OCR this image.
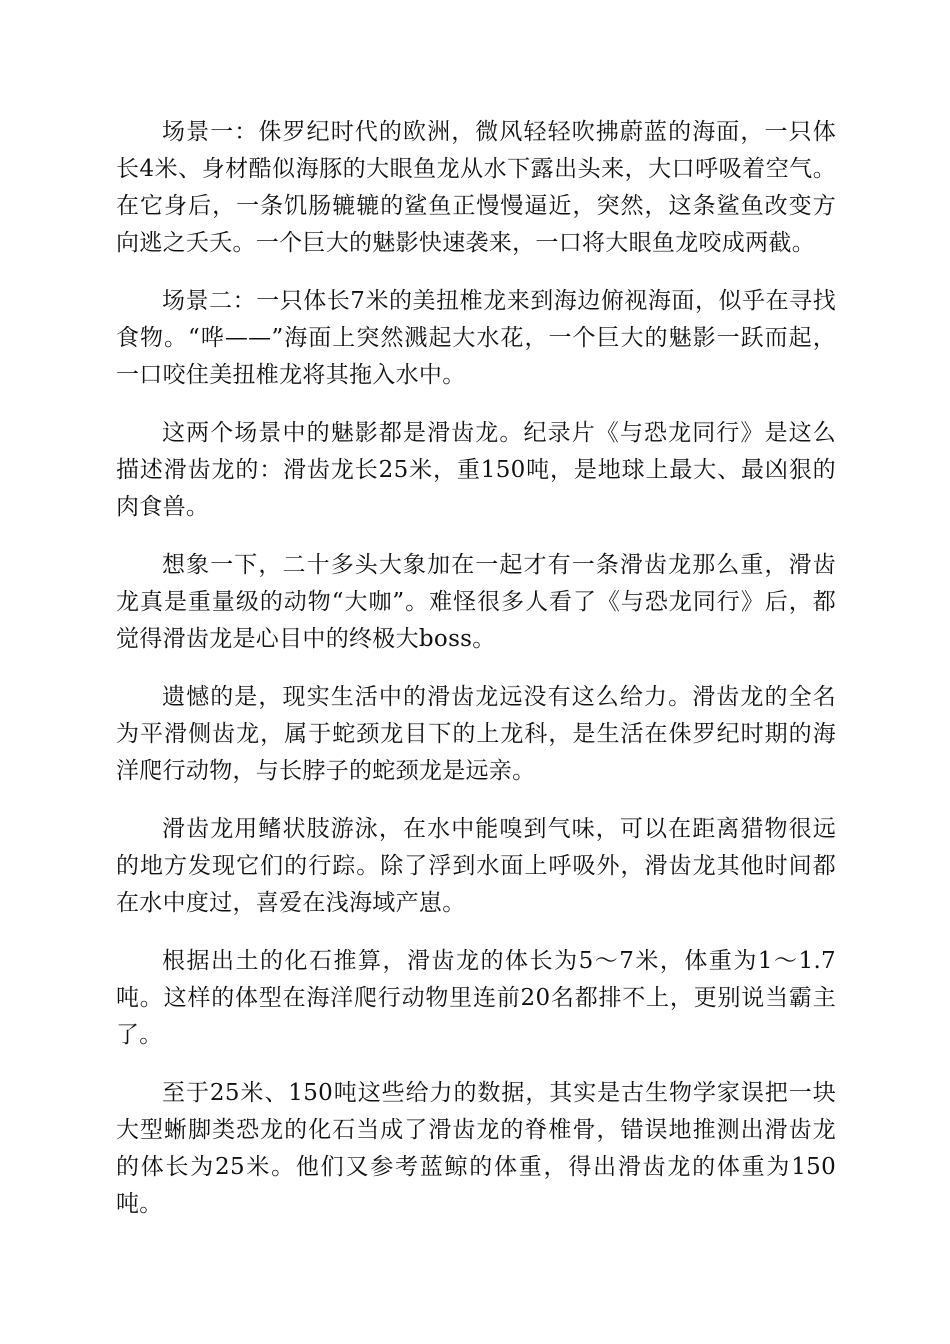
场景一：侏罗纪时代的欧洲，微风轻轻吹拂蔚蓝的海面，一只体长4米、身材酷似海豚的大眼鱼龙从水下露出头来，大口呼吸着空气。在它身后，一条饥肠辘辘的鲨鱼正慢慢逼近，突然，这条鲨鱼改变方向逃之夭夭。一个巨大的魅影快速袭来，一口将大眼鱼龙咬成两截。

场景二：一只体长7米的美扭椎龙来到海边俯视海面，似乎在寻找食物。“哗——”海面上突然溅起大水花，一个巨大的魅影一跃而起，一口咬住美扭椎龙将其拖入水中。

这两个场景中的魅影都是滑齿龙。纪录片《与恐龙同行》是这么描述滑齿龙的：滑齿龙长25米，重150吨，是地球上最大、最凶狠的肉食兽。

想象一下，二十多头大象加在一起才有一条滑齿龙那么重，滑齿龙真是重量级的动物“大咖”。难怪很多人看了《与恐龙同行》后，都觉得滑齿龙是心目中的终极大boss。

遗憾的是，现实生活中的滑齿龙远没有这么给力。滑齿龙的全名为平滑侧齿龙，属于蛇颈龙目下的上龙科，是生活在侏罗纪时期的海洋爬行动物，与长脖子的蛇颈龙是远亲。

滑齿龙用鳍状肢游泳，在水中能嗅到气味，可以在距离猎物很远的地方发现它们的行踪。除了浮到水面上呼吸外，滑齿龙其他时间都在水中度过，喜爱在浅海域产崽。

根据出土的化石推算，滑齿龙的体长为5～7米，体重为1～1.7吨。这样的体型在海洋爬行动物里连前20名都排不上，更别说当霸主了。

至于25米、150吨这些给力的数据，其实是古生物学家误把一块大型蜥脚类恐龙的化石当成了滑齿龙的脊椎骨，错误地推测出滑齿龙的体长为25米。他们又参考蓝鲸的体重，得出滑齿龙的体重为150吨。
